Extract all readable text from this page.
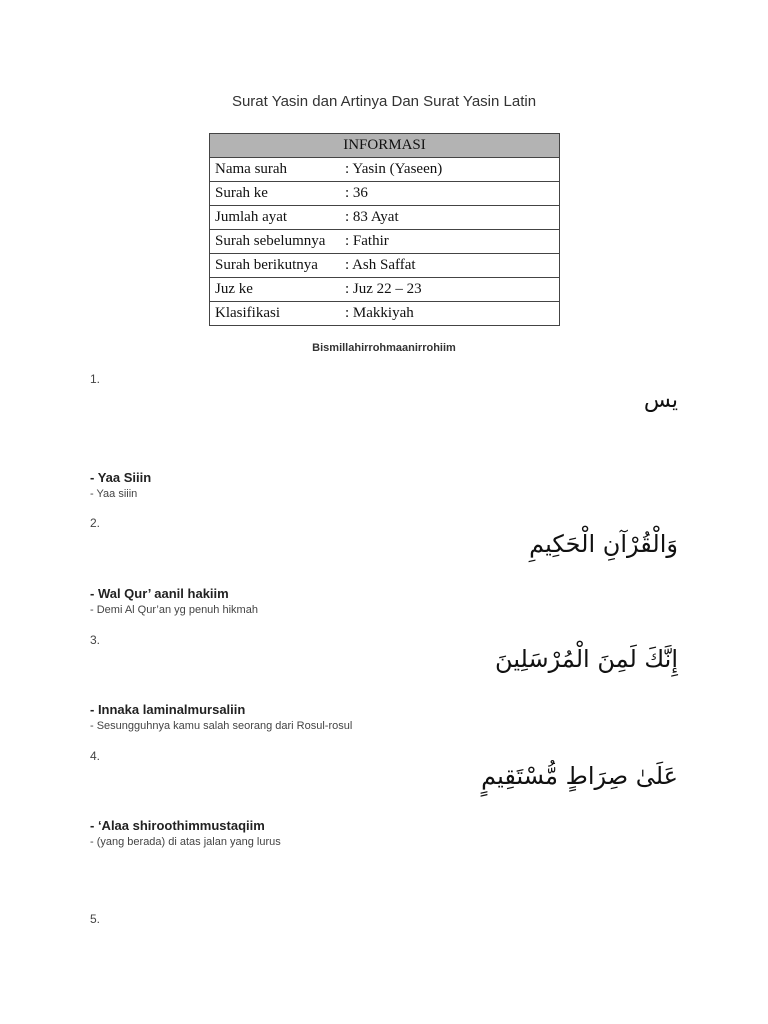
Surat Yasin dan Artinya Dan Surat Yasin Latin
INFORMASI	
Nama surah	: Yasin (Yaseen)
Surah ke	: 36
Jumlah ayat	: 83 Ayat
Surah sebelumnya	: Fathir
Surah berikutnya	: Ash Saffat
Juz ke	: Juz 22 – 23
Klasifikasi	: Makkiyah
Bismillahirrohmaanirrohiim
1.
يس
- Yaa Siiin
- Yaa siiin
2.
وَالْقُرْآنِ الْحَكِيمِ
- Wal Qur’ aanil hakiim
- Demi Al Qur’an yg penuh hikmah
3.
إِنَّكَ لَمِنَ الْمُرْسَلِينَ
- Innaka laminalmursaliin
- Sesungguhnya kamu salah seorang dari Rosul-rosul
4.
عَلَىٰ صِرَاطٍ مُّسْتَقِيمٍ
- ‘Alaa shiroothimmustaqiim
- (yang berada) di atas jalan yang lurus
5.
